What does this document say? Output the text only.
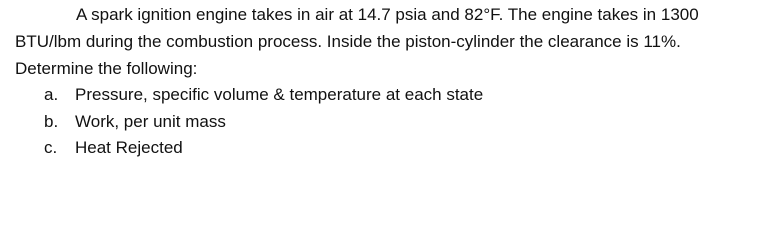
A spark ignition engine takes in air at 14.7 psia and 82°F. The engine takes in 1300
BTU/lbm during the combustion process. Inside the piston-cylinder the clearance is 11%.
Determine the following:
a. Pressure, specific volume & temperature at each state
b. Work, per unit mass
c. Heat Rejected
